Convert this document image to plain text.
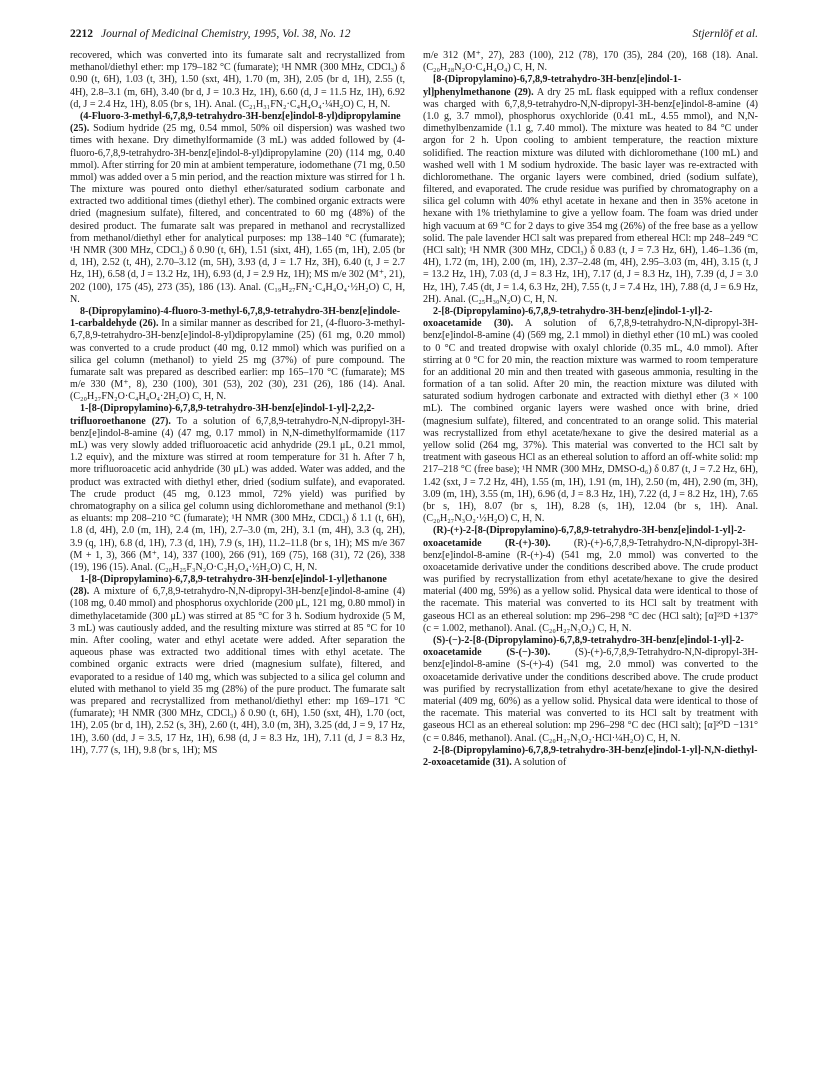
2212 Journal of Medicinal Chemistry, 1995, Vol. 38, No. 12	Stjernlöf et al.

recovered, which was converted into its fumarate salt and recrystallized from methanol/diethyl ether: mp 179–182 °C (fumarate); ¹H NMR (300 MHz, CDCl₃) δ 0.90 (t, 6H), 1.03 (t, 3H), 1.50 (sxt, 4H), 1.70 (m, 3H), 2.05 (br d, 1H), 2.55 (t, 4H), 2.8–3.1 (m, 6H), 3.40 (br d, J = 10.3 Hz, 1H), 6.60 (d, J = 11.5 Hz, 1H), 6.92 (d, J = 2.4 Hz, 1H), 8.05 (br s, 1H). Anal. (C₂₁H₃₁FN₂·C₄H₄O₄·¼H₂O) C, H, N.

(4-Fluoro-3-methyl-6,7,8,9-tetrahydro-3H-benz[e]indol-8-yl)dipropylamine (25). Sodium hydride (25 mg, 0.54 mmol, 50% oil dispersion) was washed two times with hexane. Dry dimethylformamide (3 mL) was added followed by (4-fluoro-6,7,8,9-tetrahydro-3H-benz[e]indol-8-yl)dipropylamine (20) (114 mg, 0.40 mmol). After stirring for 20 min at ambient temperature, iodomethane (71 mg, 0.50 mmol) was added over a 5 min period, and the reaction mixture was stirred for 1 h. The mixture was poured onto diethyl ether/saturated sodium carbonate and extracted two additional times (diethyl ether). The combined organic extracts were dried (magnesium sulfate), filtered, and concentrated to 60 mg (48%) of the desired product. The fumarate salt was prepared in methanol and recrystallized from methanol/diethyl ether for analytical purposes: mp 138–140 °C (fumarate); ¹H NMR (300 MHz, CDCl₃) δ 0.90 (t, 6H), 1.51 (sixt, 4H), 1.65 (m, 1H), 2.05 (br d, 1H), 2.52 (t, 4H), 2.70–3.12 (m, 5H), 3.93 (d, J = 1.7 Hz, 3H), 6.40 (t, J = 2.7 Hz, 1H), 6.58 (d, J = 13.2 Hz, 1H), 6.93 (d, J = 2.9 Hz, 1H); MS m/e 302 (M⁺, 21), 202 (100), 175 (45), 273 (35), 186 (13). Anal. (C₁₉H₂₇FN₂·C₄H₄O₄·½H₂O) C, H, N.

8-(Dipropylamino)-4-fluoro-3-methyl-6,7,8,9-tetrahydro-3H-benz[e]indole-1-carbaldehyde (26). In a similar manner as described for 21, (4-fluoro-3-methyl-6,7,8,9-tetrahydro-3H-benz[e]indol-8-yl)dipropylamine (25) (61 mg, 0.20 mmol) was converted to a crude product (40 mg, 0.12 mmol) which was purified on a silica gel column (methanol) to yield 25 mg (37%) of pure compound. The fumarate salt was prepared as described earlier: mp 165–170 °C (fumarate); MS m/e 330 (M⁺, 8), 230 (100), 301 (53), 202 (30), 231 (26), 186 (14). Anal. (C₂₀H₂₇FN₂O·C₄H₄O₄·2H₂O) C, H, N.

1-[8-(Dipropylamino)-6,7,8,9-tetrahydro-3H-benz[e]indol-1-yl]-2,2,2-trifluoroethanone (27). To a solution of 6,7,8,9-tetrahydro-N,N-dipropyl-3H-benz[e]indol-8-amine (4) (47 mg, 0.17 mmol) in N,N-dimethylformamide (117 mL) was very slowly added trifluoroacetic acid anhydride (29.1 μL, 0.21 mmol, 1.2 equiv), and the mixture was stirred at room temperature for 31 h. After 7 h, more trifluoroacetic acid anhydride (30 μL) was added. Water was added, and the product was extracted with diethyl ether, dried (sodium sulfate), and evaporated. The crude product (45 mg, 0.123 mmol, 72% yield) was purified by chromatography on a silica gel column using dichloromethane and methanol (9:1) as eluants: mp 208–210 °C (fumarate); ¹H NMR (300 MHz, CDCl₃) δ 1.1 (t, 6H), 1.8 (d, 4H), 2.0 (m, 1H), 2.4 (m, 1H), 2.7–3.0 (m, 2H), 3.1 (m, 4H), 3.3 (q, 2H), 3.9 (q, 1H), 6.8 (d, 1H), 7.3 (d, 1H), 7.9 (s, 1H), 11.2–11.8 (br s, 1H); MS m/e 367 (M + 1, 3), 366 (M⁺, 14), 337 (100), 266 (91), 169 (75), 168 (31), 72 (26), 338 (19), 196 (15). Anal. (C₂₀H₂₅F₃N₂O·C₂H₂O₄·½H₂O) C, H, N.

1-[8-(Dipropylamino)-6,7,8,9-tetrahydro-3H-benz[e]indol-1-yl]ethanone (28). A mixture of 6,7,8,9-tetrahydro-N,N-dipropyl-3H-benz[e]indol-8-amine (4) (108 mg, 0.40 mmol) and phosphorus oxychloride (200 μL, 121 mg, 0.80 mmol) in dimethylacetamide (300 μL) was stirred at 85 °C for 3 h. Sodium hydroxide (5 M, 3 mL) was cautiously added, and the resulting mixture was stirred at 85 °C for 10 min. After cooling, water and ethyl acetate were added. After separation the aqueous phase was extracted two additional times with ethyl acetate. The combined organic extracts were dried (magnesium sulfate), filtered, and evaporated to a residue of 140 mg, which was subjected to a silica gel column and eluted with methanol to yield 35 mg (28%) of the pure product. The fumarate salt was prepared and recrystallized from methanol/diethyl ether: mp 169–171 °C (fumarate); ¹H NMR (300 MHz, CDCl₃) δ 0.90 (t, 6H), 1.50 (sxt, 4H), 1.70 (oct, 1H), 2.05 (br d, 1H), 2.52 (s, 3H), 2.60 (t, 4H), 3.0 (m, 3H), 3.25 (dd, J = 9, 17 Hz, 1H), 3.60 (dd, J = 3.5, 17 Hz, 1H), 6.98 (d, J = 8.3 Hz, 1H), 7.11 (d, J = 8.3 Hz, 1H), 7.77 (s, 1H), 9.8 (br s, 1H); MS

m/e 312 (M⁺, 27), 283 (100), 212 (78), 170 (35), 284 (20), 168 (18). Anal. (C₂₀H₂₈N₂O·C₄H₄O₄) C, H, N.

[8-(Dipropylamino)-6,7,8,9-tetrahydro-3H-benz[e]indol-1-yl]phenylmethanone (29). A dry 25 mL flask equipped with a reflux condenser was charged with 6,7,8,9-tetrahydro-N,N-dipropyl-3H-benz[e]indol-8-amine (4) (1.0 g, 3.7 mmol), phosphorus oxychloride (0.41 mL, 4.55 mmol), and N,N-dimethylbenzamide (1.1 g, 7.40 mmol). The mixture was heated to 84 °C under argon for 2 h. Upon cooling to ambient temperature, the reaction mixture solidified. The reaction mixture was diluted with dichloromethane (100 mL) and washed well with 1 M sodium hydroxide. The basic layer was re-extracted with dichloromethane. The organic layers were combined, dried (sodium sulfate), filtered, and evaporated. The crude residue was purified by chromatography on a silica gel column with 40% ethyl acetate in hexane and then in 35% acetone in hexane with 1% triethylamine to give a yellow foam. The foam was dried under high vacuum at 69 °C for 2 days to give 354 mg (26%) of the free base as a yellow solid. The pale lavender HCl salt was prepared from ethereal HCl: mp 248–249 °C (HCl salt); ¹H NMR (300 MHz, CDCl₃) δ 0.83 (t, J = 7.3 Hz, 6H), 1.46–1.36 (m, 4H), 1.72 (m, 1H), 2.00 (m, 1H), 2.37–2.48 (m, 4H), 2.95–3.03 (m, 4H), 3.15 (t, J = 13.2 Hz, 1H), 7.03 (d, J = 8.3 Hz, 1H), 7.17 (d, J = 8.3 Hz, 1H), 7.39 (d, J = 3.0 Hz, 1H), 7.45 (dt, J = 1.4, 6.3 Hz, 2H), 7.55 (t, J = 7.4 Hz, 1H), 7.88 (d, J = 6.9 Hz, 2H). Anal. (C₂₅H₃₀N₂O) C, H, N.

2-[8-(Dipropylamino)-6,7,8,9-tetrahydro-3H-benz[e]indol-1-yl]-2-oxoacetamide (30). A solution of 6,7,8,9-tetrahydro-N,N-dipropyl-3H-benz[e]indol-8-amine (4) (569 mg, 2.1 mmol) in diethyl ether (10 mL) was cooled to 0 °C and treated dropwise with oxalyl chloride (0.35 mL, 4.0 mmol). After stirring at 0 °C for 20 min, the reaction mixture was warmed to room temperature for an additional 20 min and then treated with gaseous ammonia, resulting in the formation of a tan solid. After 20 min, the reaction mixture was diluted with saturated sodium hydrogen carbonate and extracted with diethyl ether (3 × 100 mL). The combined organic layers were washed once with brine, dried (magnesium sulfate), filtered, and concentrated to an orange solid. This material was recrystallized from ethyl acetate/hexane to give the desired material as a yellow solid (264 mg, 37%). This material was converted to the HCl salt by treatment with gaseous HCl as an ethereal solution to afford an off-white solid: mp 217–218 °C (free base); ¹H NMR (300 MHz, DMSO-d₆) δ 0.87 (t, J = 7.2 Hz, 6H), 1.42 (sxt, J = 7.2 Hz, 4H), 1.55 (m, 1H), 1.91 (m, 1H), 2.50 (m, 4H), 2.90 (m, 3H), 3.09 (m, 1H), 3.55 (m, 1H), 6.96 (d, J = 8.3 Hz, 1H), 7.22 (d, J = 8.2 Hz, 1H), 7.65 (br s, 1H), 8.07 (br s, 1H), 8.28 (s, 1H), 12.04 (br s, 1H). Anal. (C₂₀H₂₇N₃O₂·½H₂O) C, H, N.

(R)-(+)-2-[8-(Dipropylamino)-6,7,8,9-tetrahydro-3H-benz[e]indol-1-yl]-2-oxoacetamide (R-(+)-30). (R)-(+)-6,7,8,9-Tetrahydro-N,N-dipropyl-3H-benz[e]indol-8-amine (R-(+)-4) (541 mg, 2.0 mmol) was converted to the oxoacetamide derivative under the conditions described above. The crude product was purified by recrystallization from ethyl acetate/hexane to give the desired material (400 mg, 59%) as a yellow solid. Physical data were identical to those of the racemate. This material was converted to its HCl salt by treatment with gaseous HCl as an ethereal solution: mp 296–298 °C dec (HCl salt); [α]²³D +137° (c = 1.002, methanol). Anal. (C₂₀H₂₇N₃O₂) C, H, N.

(S)-(−)-2-[8-(Dipropylamino)-6,7,8,9-tetrahydro-3H-benz[e]indol-1-yl]-2-oxoacetamide (S-(−)-30). (S)-(+)-6,7,8,9-Tetrahydro-N,N-dipropyl-3H-benz[e]indol-8-amine (S-(+)-4) (541 mg, 2.0 mmol) was converted to the oxoacetamide derivative under the conditions described above. The crude product was purified by recrystallization from ethyl acetate/hexane to give the desired material (409 mg, 60%) as a yellow solid. Physical data were identical to those of the racemate. This material was converted to its HCl salt by treatment with gaseous HCl as an ethereal solution: mp 296–298 °C dec (HCl salt); [α]²⁰D −131° (c = 0.846, methanol). Anal. (C₂₀H₂₇N₃O₂·HCl·¼H₂O) C, H, N.

2-[8-(Dipropylamino)-6,7,8,9-tetrahydro-3H-benz[e]indol-1-yl]-N,N-diethyl-2-oxoacetamide (31). A solution of
